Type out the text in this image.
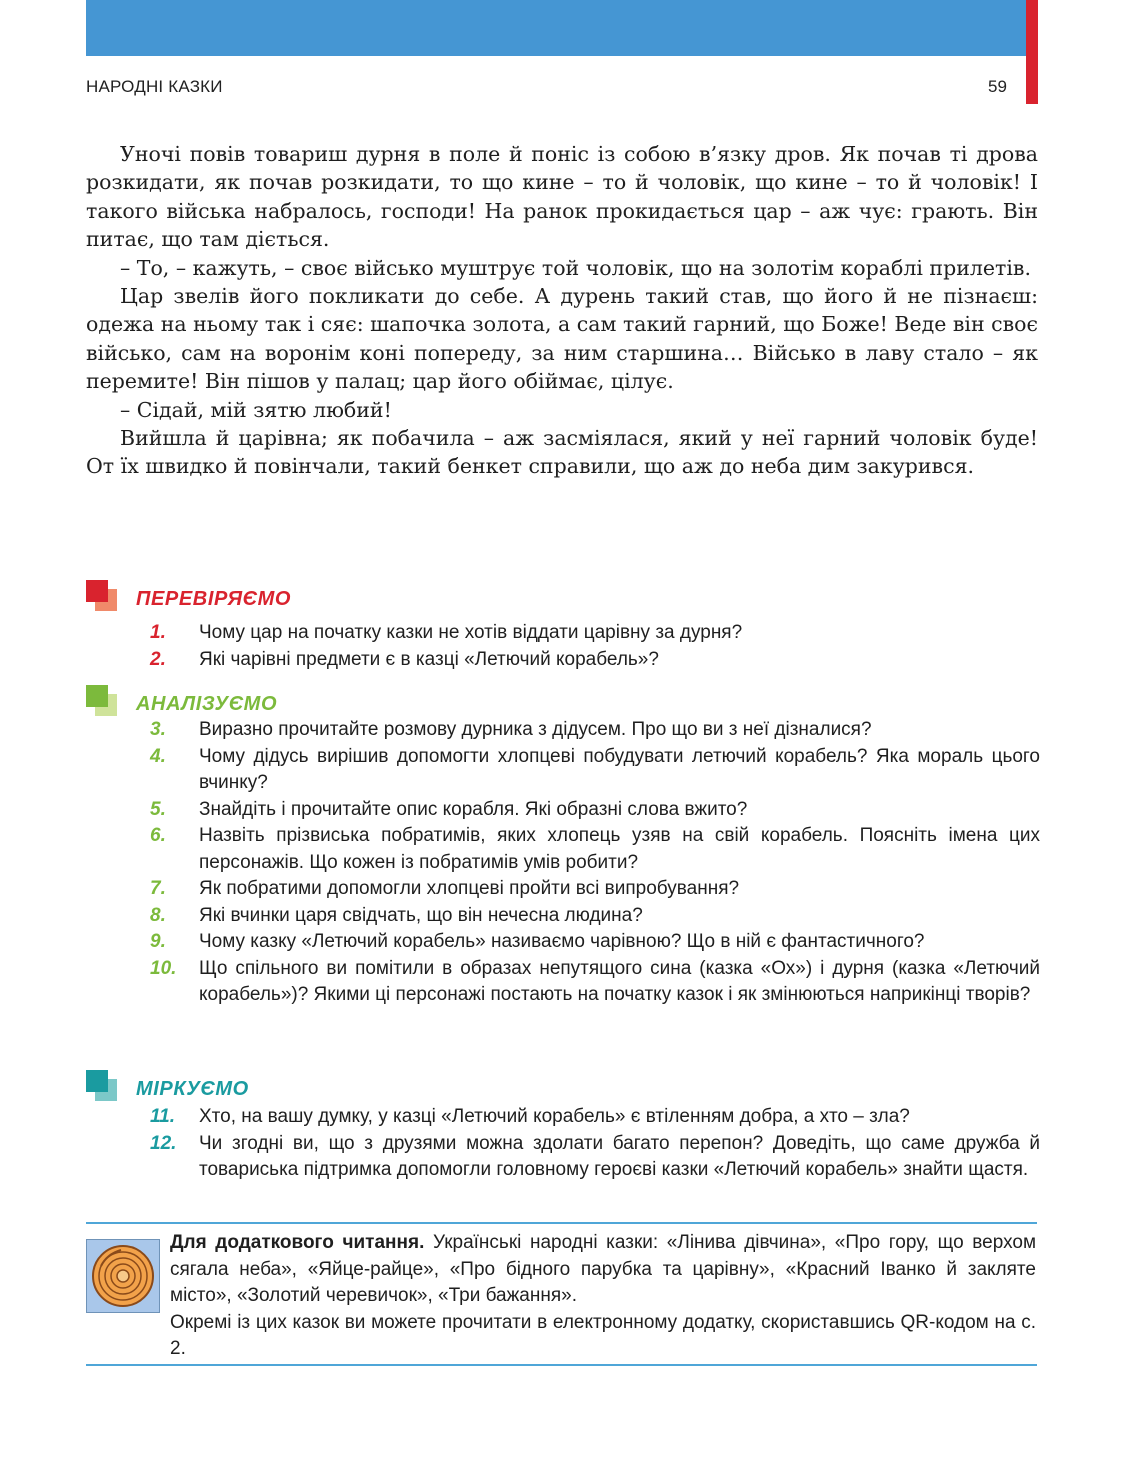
НАРОДНІ КАЗКИ	59

Уночі повів товариш дурня в поле й поніс із собою в’язку дров. Як почав ті дрова розкидати, як почав розкидати, то що кине – то й чоловік, що кине – то й чоловік! І такого війська набралось, господи! На ранок прокидається цар – аж чує: грають. Він питає, що там діється.

– То, – кажуть, – своє військо муштрує той чоловік, що на золотім кораблі прилетів.

Цар звелів його покликати до себе. А дурень такий став, що його й не пізнаєш: одежа на ньому так і сяє: шапочка золота, а сам такий гарний, що Боже! Веде він своє військо, сам на воронім коні попереду, за ним старшина… Військо в лаву стало – як перемите! Він пішов у палац; цар його обіймає, цілує.

– Сідай, мій зятю любий!

Вийшла й царівна; як побачила – аж засміялася, який у неї гарний чоловік буде! От їх швидко й повінчали, такий бенкет справили, що аж до неба дим закурився.

ПЕРЕВІРЯЄМО
1.	Чому цар на початку казки не хотів віддати царівну за дурня?
2.	Які чарівні предмети є в казці «Летючий корабель»?
АНАЛІЗУЄМО
3.	Виразно прочитайте розмову дурника з дідусем. Про що ви з неї дізналися?
4.	Чому дідусь вирішив допомогти хлопцеві побудувати летючий корабель? Яка мораль цього вчинку?
5.	Знайдіть і прочитайте опис корабля. Які образні слова вжито?
6.	Назвіть прізвиська побратимів, яких хлопець узяв на свій корабель. Поясніть імена цих персонажів. Що кожен із побратимів умів робити?
7.	Як побратими допомогли хлопцеві пройти всі випробування?
8.	Які вчинки царя свідчать, що він нечесна людина?
9.	Чому казку «Летючий корабель» називаємо чарівною? Що в ній є фантастичного?
10.	Що спільного ви помітили в образах непутящого сина (казка «Ох») і дурня (казка «Летючий корабель»)? Якими ці персонажі постають на початку казок і як змінюються наприкінці творів?
МІРКУЄМО
11.	Хто, на вашу думку, у казці «Летючий корабель» є втіленням добра, а хто – зла?
12.	Чи згодні ви, що з друзями можна здолати багато перепон? Доведіть, що саме дружба й товариська підтримка допомогли головному героєві казки «Летючий корабель» знайти щастя.
Для додаткового читання. Українські народні казки: «Лінива дівчина», «Про гору, що верхом сягала неба», «Яйце-райце», «Про бідного парубка та царівну», «Красний Іванко й закляте місто», «Золотий черевичок», «Три бажання».
Окремі із цих казок ви можете прочитати в електронному додатку, скориставшись QR-кодом на с. 2.
